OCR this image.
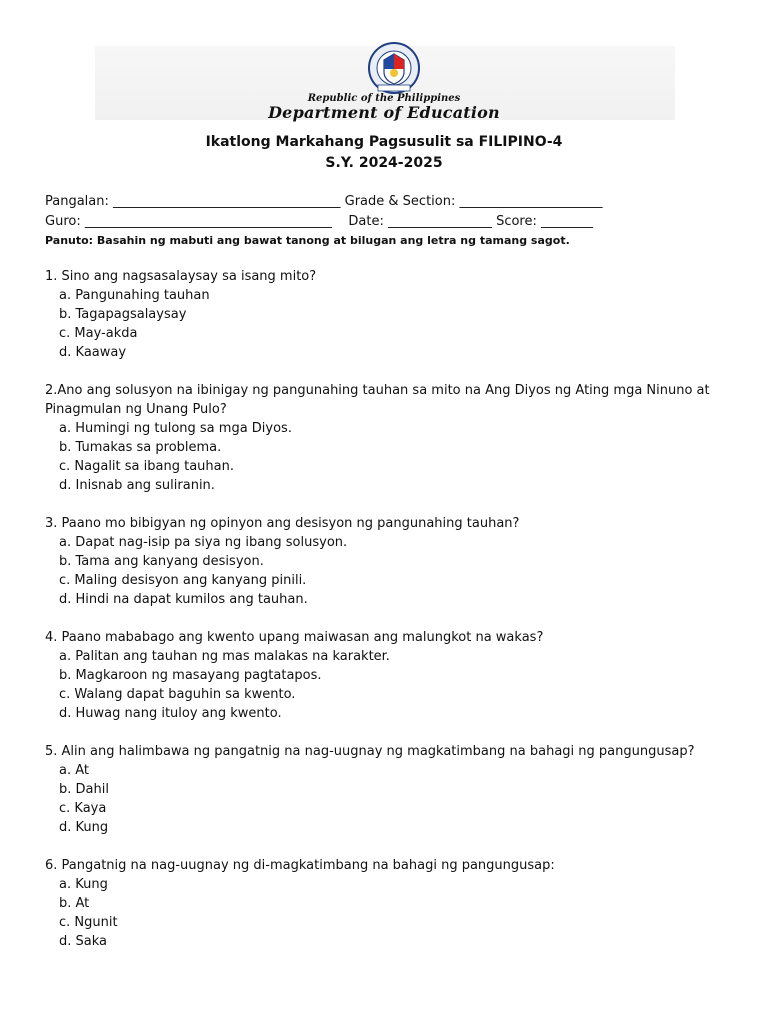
Republic of the Philippines
Department of Education
Ikatlong Markahang Pagsusulit sa FILIPINO-4
S.Y. 2024-2025
Pangalan: ___________________________________ Grade & Section: ______________________
Guro: ______________________________________    Date: ________________ Score: ________
Panuto: Basahin ng mabuti ang bawat tanong at bilugan ang letra ng tamang sagot.
1. Sino ang nagsasalaysay sa isang mito?
a. Pangunahing tauhan
b. Tagapagsalaysay
c. May-akda
d. Kaaway
2.Ano ang solusyon na ibinigay ng pangunahing tauhan sa mito na Ang Diyos ng Ating mga Ninuno at Pinagmulan ng Unang Pulo?
a. Humingi ng tulong sa mga Diyos.
b. Tumakas sa problema.
c. Nagalit sa ibang tauhan.
d. Inisnab ang suliranin.
3. Paano mo bibigyan ng opinyon ang desisyon ng pangunahing tauhan?
a. Dapat nag-isip pa siya ng ibang solusyon.
b. Tama ang kanyang desisyon.
c. Maling desisyon ang kanyang pinili.
d. Hindi na dapat kumilos ang tauhan.
4. Paano mababago ang kwento upang maiwasan ang malungkot na wakas?
a. Palitan ang tauhan ng mas malakas na karakter.
b. Magkaroon ng masayang pagtatapos.
c. Walang dapat baguhin sa kwento.
d. Huwag nang ituloy ang kwento.
5. Alin ang halimbawa ng pangatnig na nag-uugnay ng magkatimbang na bahagi ng pangungusap?
a. At
b. Dahil
c. Kaya
d. Kung
6. Pangatnig na nag-uugnay ng di-magkatimbang na bahagi ng pangungusap:
a. Kung
b. At
c. Ngunit
d. Saka
